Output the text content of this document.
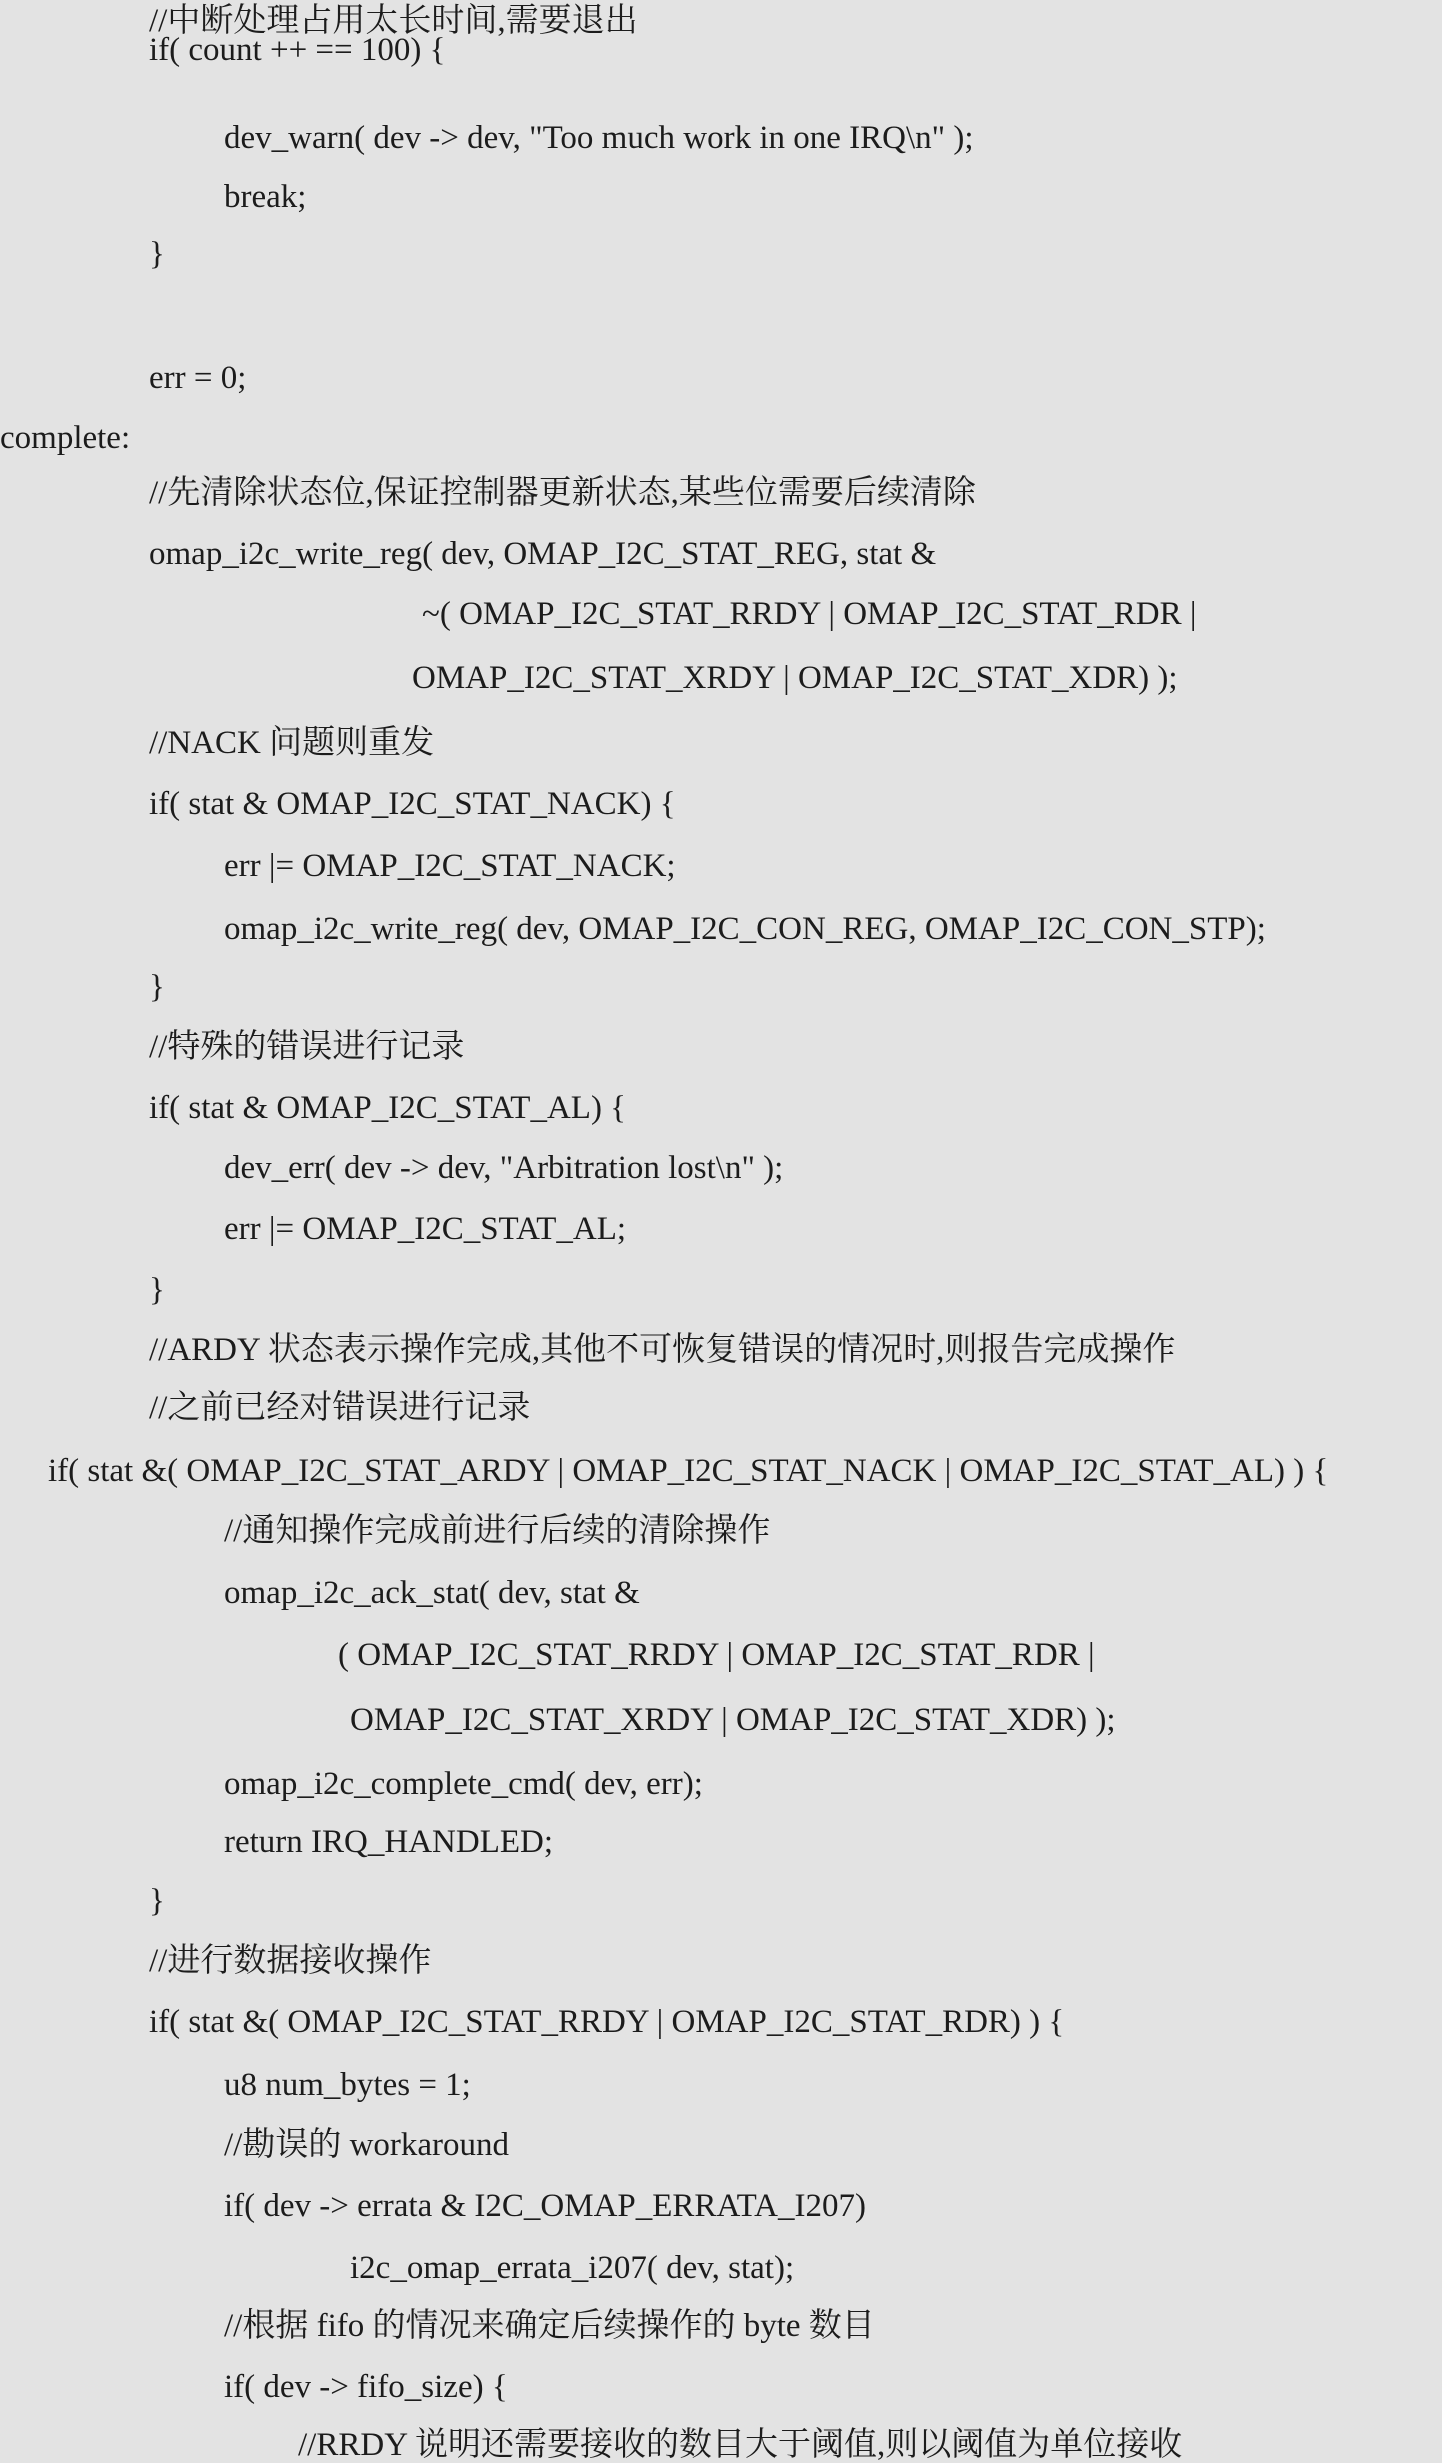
//中断处理占用太长时间,需要退出
if( count ++ == 100) {
dev_warn( dev -> dev, "Too much work in one IRQ\n" );
break;
}
err = 0;
complete:
//先清除状态位,保证控制器更新状态,某些位需要后续清除
omap_i2c_write_reg( dev, OMAP_I2C_STAT_REG, stat &
~( OMAP_I2C_STAT_RRDY | OMAP_I2C_STAT_RDR |
OMAP_I2C_STAT_XRDY | OMAP_I2C_STAT_XDR) );
//NACK 问题则重发
if( stat & OMAP_I2C_STAT_NACK) {
err |= OMAP_I2C_STAT_NACK;
omap_i2c_write_reg( dev, OMAP_I2C_CON_REG, OMAP_I2C_CON_STP);
}
//特殊的错误进行记录
if( stat & OMAP_I2C_STAT_AL) {
dev_err( dev -> dev, "Arbitration lost\n" );
err |= OMAP_I2C_STAT_AL;
}
//ARDY 状态表示操作完成,其他不可恢复错误的情况时,则报告完成操作
//之前已经对错误进行记录
if( stat &( OMAP_I2C_STAT_ARDY | OMAP_I2C_STAT_NACK | OMAP_I2C_STAT_AL) ) {
//通知操作完成前进行后续的清除操作
omap_i2c_ack_stat( dev, stat &
( OMAP_I2C_STAT_RRDY | OMAP_I2C_STAT_RDR |
OMAP_I2C_STAT_XRDY | OMAP_I2C_STAT_XDR) );
omap_i2c_complete_cmd( dev, err);
return IRQ_HANDLED;
}
//进行数据接收操作
if( stat &( OMAP_I2C_STAT_RRDY | OMAP_I2C_STAT_RDR) ) {
u8 num_bytes = 1;
//勘误的 workaround
if( dev -> errata & I2C_OMAP_ERRATA_I207)
i2c_omap_errata_i207( dev, stat);
//根据 fifo 的情况来确定后续操作的 byte 数目
if( dev -> fifo_size) {
//RRDY 说明还需要接收的数目大于阈值,则以阈值为单位接收
